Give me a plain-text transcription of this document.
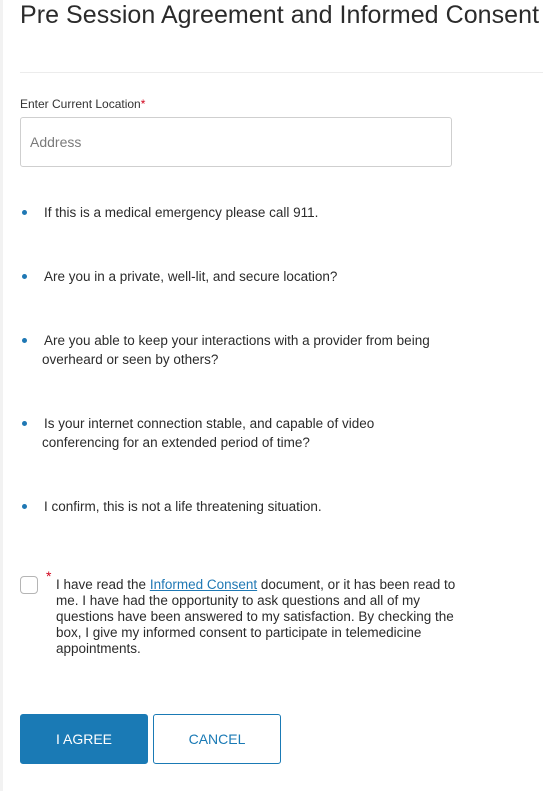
Pre Session Agreement and Informed Consent
Enter Current Location*
Address
If this is a medical emergency please call 911.
Are you in a private, well-lit, and secure location?
Are you able to keep your interactions with a provider from being overheard or seen by others?
Is your internet connection stable, and capable of video conferencing for an extended period of time?
I confirm, this is not a life threatening situation.
*
I have read the Informed Consent document, or it has been read to me. I have had the opportunity to ask questions and all of my questions have been answered to my satisfaction. By checking the box, I give my informed consent to participate in telemedicine appointments.
I AGREE	CANCEL
